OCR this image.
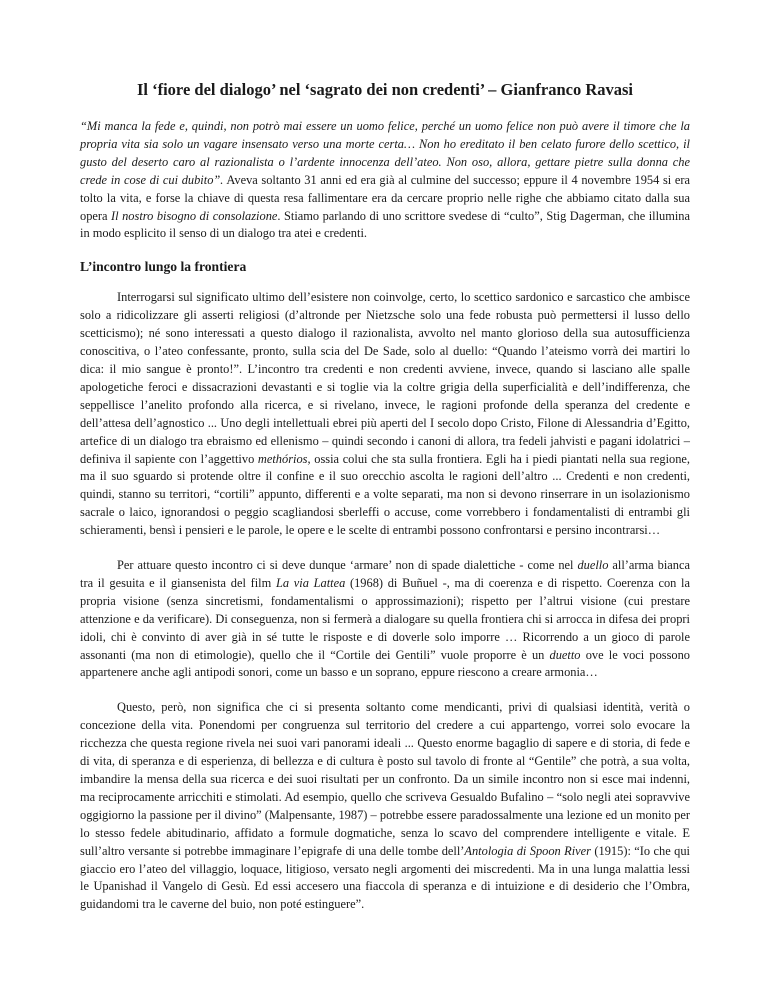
Il ‘fiore del dialogo’ nel ‘sagrato dei non credenti’ – Gianfranco Ravasi

“Mi manca la fede e, quindi, non potrò mai essere un uomo felice, perché un uomo felice non può avere il timore che la propria vita sia solo un vagare insensato verso una morte certa… Non ho ereditato il ben celato furore dello scettico, il gusto del deserto caro al razionalista o l’ardente innocenza dell’ateo. Non oso, allora, gettare pietre sulla donna che crede in cose di cui dubito”. Aveva soltanto 31 anni ed era già al culmine del successo; eppure il 4 novembre 1954 si era tolto la vita, e forse la chiave di questa resa fallimentare era da cercare proprio nelle righe che abbiamo citato dalla sua opera Il nostro bisogno di consolazione. Stiamo parlando di uno scrittore svedese di “culto”, Stig Dagerman, che illumina in modo esplicito il senso di un dialogo tra atei e credenti.

L’incontro lungo la frontiera

Interrogarsi sul significato ultimo dell’esistere non coinvolge, certo, lo scettico sardonico e sarcastico che ambisce solo a ridicolizzare gli asserti religiosi (d’altronde per Nietzsche solo una fede robusta può permettersi il lusso dello scetticismo); né sono interessati a questo dialogo il razionalista, avvolto nel manto glorioso della sua autosufficienza conoscitiva, o l’ateo confessante, pronto, sulla scia del De Sade, solo al duello: “Quando l’ateismo vorrà dei martiri lo dica: il mio sangue è pronto!”. L’incontro tra credenti e non credenti avviene, invece, quando si lasciano alle spalle apologetiche feroci e dissacrazioni devastanti e si toglie via la coltre grigia della superficialità e dell’indifferenza, che seppellisce l’anelito profondo alla ricerca, e si rivelano, invece, le ragioni profonde della speranza del credente e dell’attesa dell’agnostico ... Uno degli intellettuali ebrei più aperti del I secolo dopo Cristo, Filone di Alessandria d’Egitto, artefice di un dialogo tra ebraismo ed ellenismo – quindi secondo i canoni di allora, tra fedeli jahvisti e pagani idolatrici – definiva il sapiente con l’aggettivo methórios, ossia colui che sta sulla frontiera. Egli ha i piedi piantati nella sua regione, ma il suo sguardo si protende oltre il confine e il suo orecchio ascolta le ragioni dell’altro ... Credenti e non credenti, quindi, stanno su territori, “cortili” appunto, differenti e a volte separati, ma non si devono rinserrare in un isolazionismo sacrale o laico, ignorandosi o peggio scagliandosi sberleffi o accuse, come vorrebbero i fondamentalisti di entrambi gli schieramenti, bensì i pensieri e le parole, le opere e le scelte di entrambi possono confrontarsi e persino incontrarsi…

Per attuare questo incontro ci si deve dunque ‘armare’ non di spade dialettiche - come nel duello all’arma bianca tra il gesuita e il giansenista del film La via Lattea (1968) di Buñuel -, ma di coerenza e di rispetto. Coerenza con la propria visione (senza sincretismi, fondamentalismi o approssimazioni); rispetto per l’altrui visione (cui prestare attenzione e da verificare). Di conseguenza, non si fermerà a dialogare su quella frontiera chi si arrocca in difesa dei propri idoli, chi è convinto di aver già in sé tutte le risposte e di doverle solo imporre … Ricorrendo a un gioco di parole assonanti (ma non di etimologie), quello che il “Cortile dei Gentili” vuole proporre è un duetto ove le voci possono appartenere anche agli antipodi sonori, come un basso e un soprano, eppure riescono a creare armonia…

Questo, però, non significa che ci si presenta soltanto come mendicanti, privi di qualsiasi identità, verità o concezione della vita. Ponendomi per congruenza sul territorio del credere a cui appartengo, vorrei solo evocare la ricchezza che questa regione rivela nei suoi vari panorami ideali ... Questo enorme bagaglio di sapere e di storia, di fede e di vita, di speranza e di esperienza, di bellezza e di cultura è posto sul tavolo di fronte al “Gentile” che potrà, a sua volta, imbandire la mensa della sua ricerca e dei suoi risultati per un confronto. Da un simile incontro non si esce mai indenni, ma reciprocamente arricchiti e stimolati. Ad esempio, quello che scriveva Gesualdo Bufalino – “solo negli atei sopravvive oggigiorno la passione per il divino” (Malpensante, 1987) – potrebbe essere paradossalmente una lezione ed un monito per lo stesso fedele abitudinario, affidato a formule dogmatiche, senza lo scavo del comprendere intelligente e vitale. E sull’altro versante si potrebbe immaginare l’epigrafe di una delle tombe dell’Antologia di Spoon River (1915): “Io che qui giaccio ero l’ateo del villaggio, loquace, litigioso, versato negli argomenti dei miscredenti. Ma in una lunga malattia lessi le Upanishad il Vangelo di Gesù. Ed essi accesero una fiaccola di speranza e di intuizione e di desiderio che l’Ombra, guidandomi tra le caverne del buio, non poté estinguere”.
